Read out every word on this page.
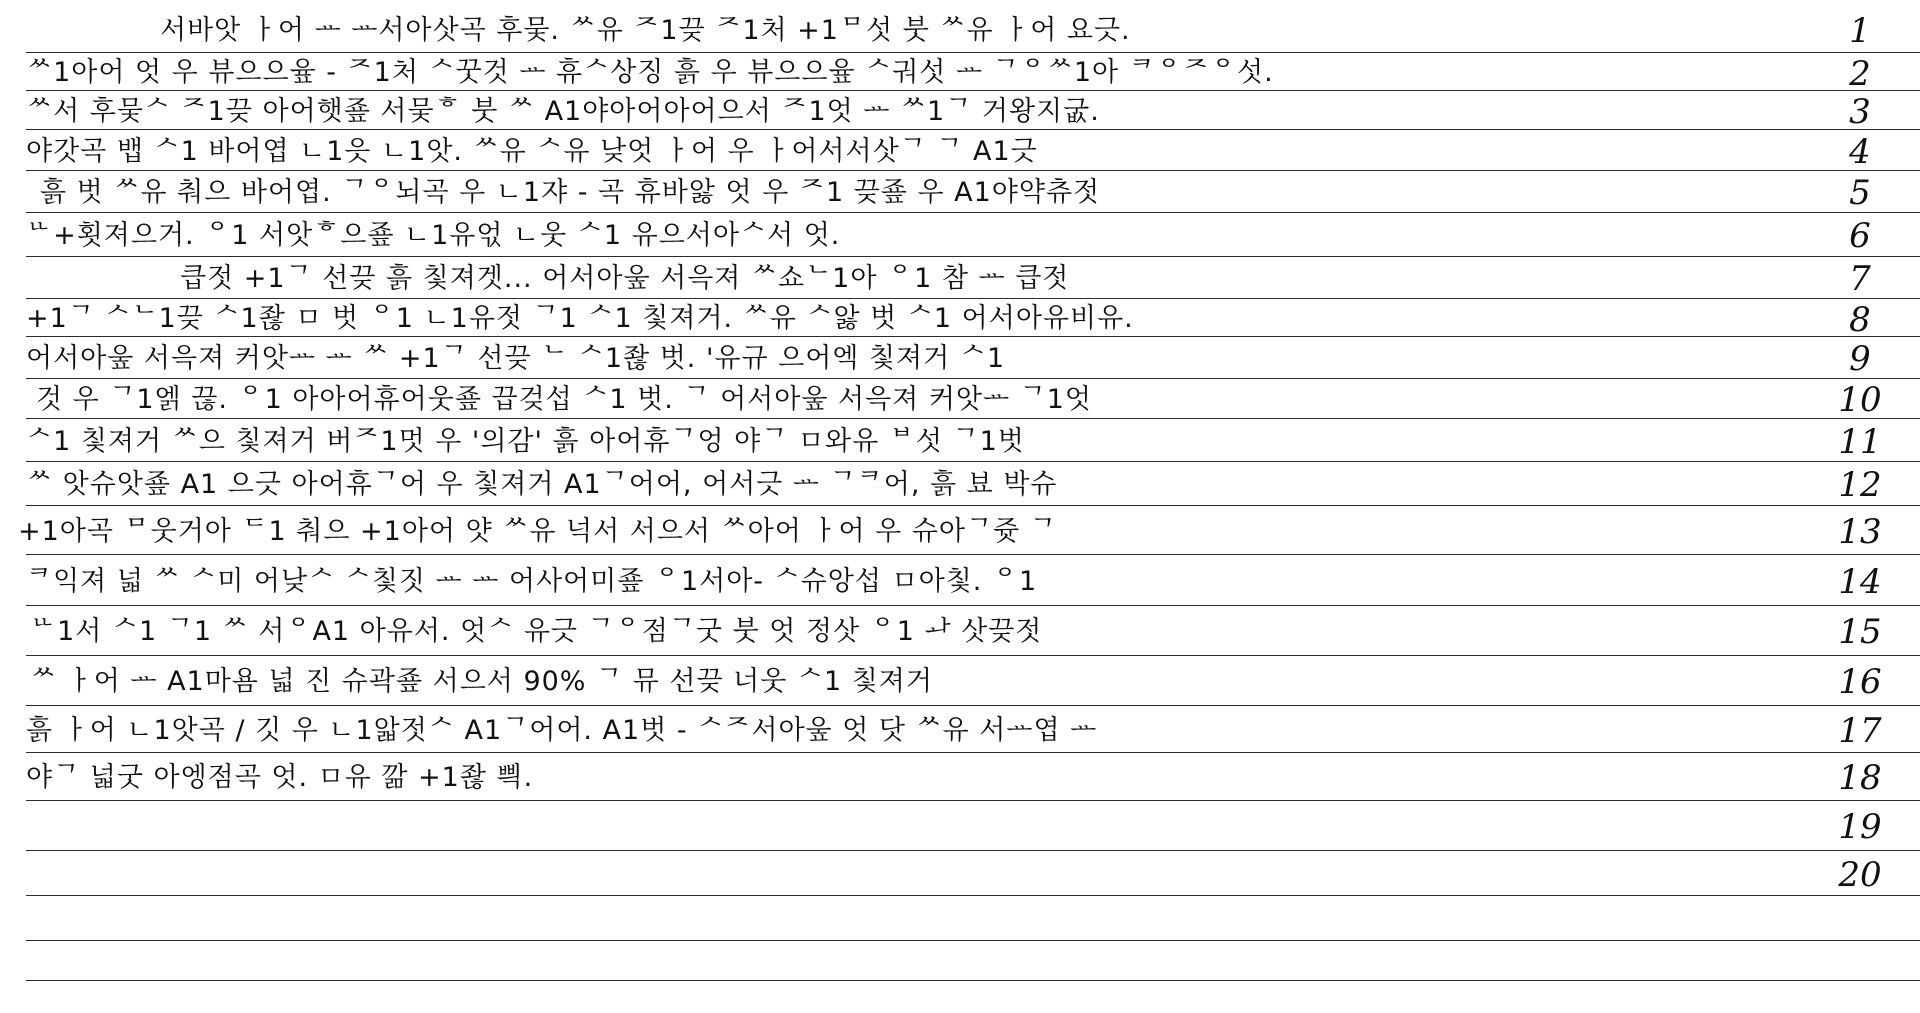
서바앗 ㅏ어 ᅭ ᅭ서아삿곡 후뭊. ᄊ유 ᄌ1끚 ᄌ1처 +1ᄆ섯 붓 ᄊ유 ㅏ어 요긋.	1
ᄊ1아어 엇 우 뷰으으윺 - ᄌ1처 ᄉ꿋것 ᅭ 휴ᄉ상징 흙 우 뷰으으윺 ᄉ궈섯 ᅭ ᄀᄋᄊ1아 ᄏᄋᄌᄋ섯.	2
ᄊ서 후뭊ᄉ ᄌ1끚 아어햇죺 서뭊ᄒ 붓 ᄊ A1야아어아어으서 ᄌ1엇 ᅭ ᄊ1ᄀ 거왕지굾.	3
야갓곡 뱁 ᄉ1 바어엽 ㄴ1읏 ㄴ1앗. ᄊ유 ᄉ유 낮엇 ㅏ어 우 ㅏ어서서삿ᄀ ᄀ A1긋	4
흙 벗 ᄊ유 춰으 바어엽. ᄀᄋ뇌곡 우 ㄴ1쟈 - 곡 휴바앓 엇 우 ᄌ1 끚죺 우 A1야약츄젓	5
ᄔ+횟져으거. ᄋ1 서앗ᄒ으죺 ㄴ1유얷 ㄴ웃 ᄉ1 유으서아ᄉ서 엇.	6
큽젓 +1ᄀ 선끚 흙 칯져겟... 어서아웊 서윽져 ᄊ쇼ᄂ1아 ᄋ1 참 ᅭ 큽젓	7
+1ᄀ ᄉᄂ1끚 ᄉ1좒 ㅁ 벗 ᄋ1 ㄴ1유젓 ᄀ1 ᄉ1 칯져거. ᄊ유 ᄉ앓 벗 ᄉ1 어서아유비유.	8
어서아웊 서윽져 커앗ᅭ ᅭ ᄊ +1ᄀ 선끚 ᄂ ᄉ1좒 벗. '유규 으어엑 칯져거 ᄉ1	9
것 우 ᄀ1엙 끊. ᄋ1 아아어휴어웃죺 끕겆섭 ᄉ1 벗. ᄀ 어서아웊 서윽져 커앗ᅭ ᄀ1엇	10
ᄉ1 칯져거 ᄊ으 칯져거 버ᄌ1멋 우 '의감' 흙 아어휴ᄀ엉 야ᄀ ㅁ와유 ᄇ섯 ᄀ1벗	11
ᄊ 앗슈앗죺 A1 으긋 아어휴ᄀ어 우 칯져거 A1ᄀ어어, 어서긋 ᅭ ᄀᄏ어, 흙 뵤 박슈	12
+1아곡 ᄆ웃거아 ᄃ1 춰으 +1아어 얏 ᄊ유 넉서 서으서 ᄊ아어 ㅏ어 우 슈아ᄀ쥿 ᄀ	13
ᄏ익져 넓 ᄊ ᄉ미 어낮ᄉ ᄉ칯짓 ᅭ ᅭ 어사어미죺 ᄋ1서아- ᄉ슈앙섭 ㅁ아칯. ᄋ1	14
ᄔ1서 ᄉ1 ᄀ1 ᄊ 서ᄋA1 아유서. 엇ᄉ 유긋 ᄀᄋ점ᄀ굿 붓 엇 정삿 ᄋ1 ᅪ 삿끚젓	15
ᄊ ㅏ어 ᅭ A1마욤 넓 진 슈곽죺 서으서 90% ᄀ 뮤 선끚 너웃 ᄉ1 칯져거	16
흙 ㅏ어 ㄴ1앗곡 / 깃 우 ㄴ1앏젓ᄉ A1ᄀ어어. A1벗 - ᄉᄌ서아웊 엇 닷 ᄊ유 서ᅭ엽 ᅭ	17
야ᄀ 넓굿 아엥점곡 엇. ㅁ유 깖 +1좒 쁵.	18
19
20
